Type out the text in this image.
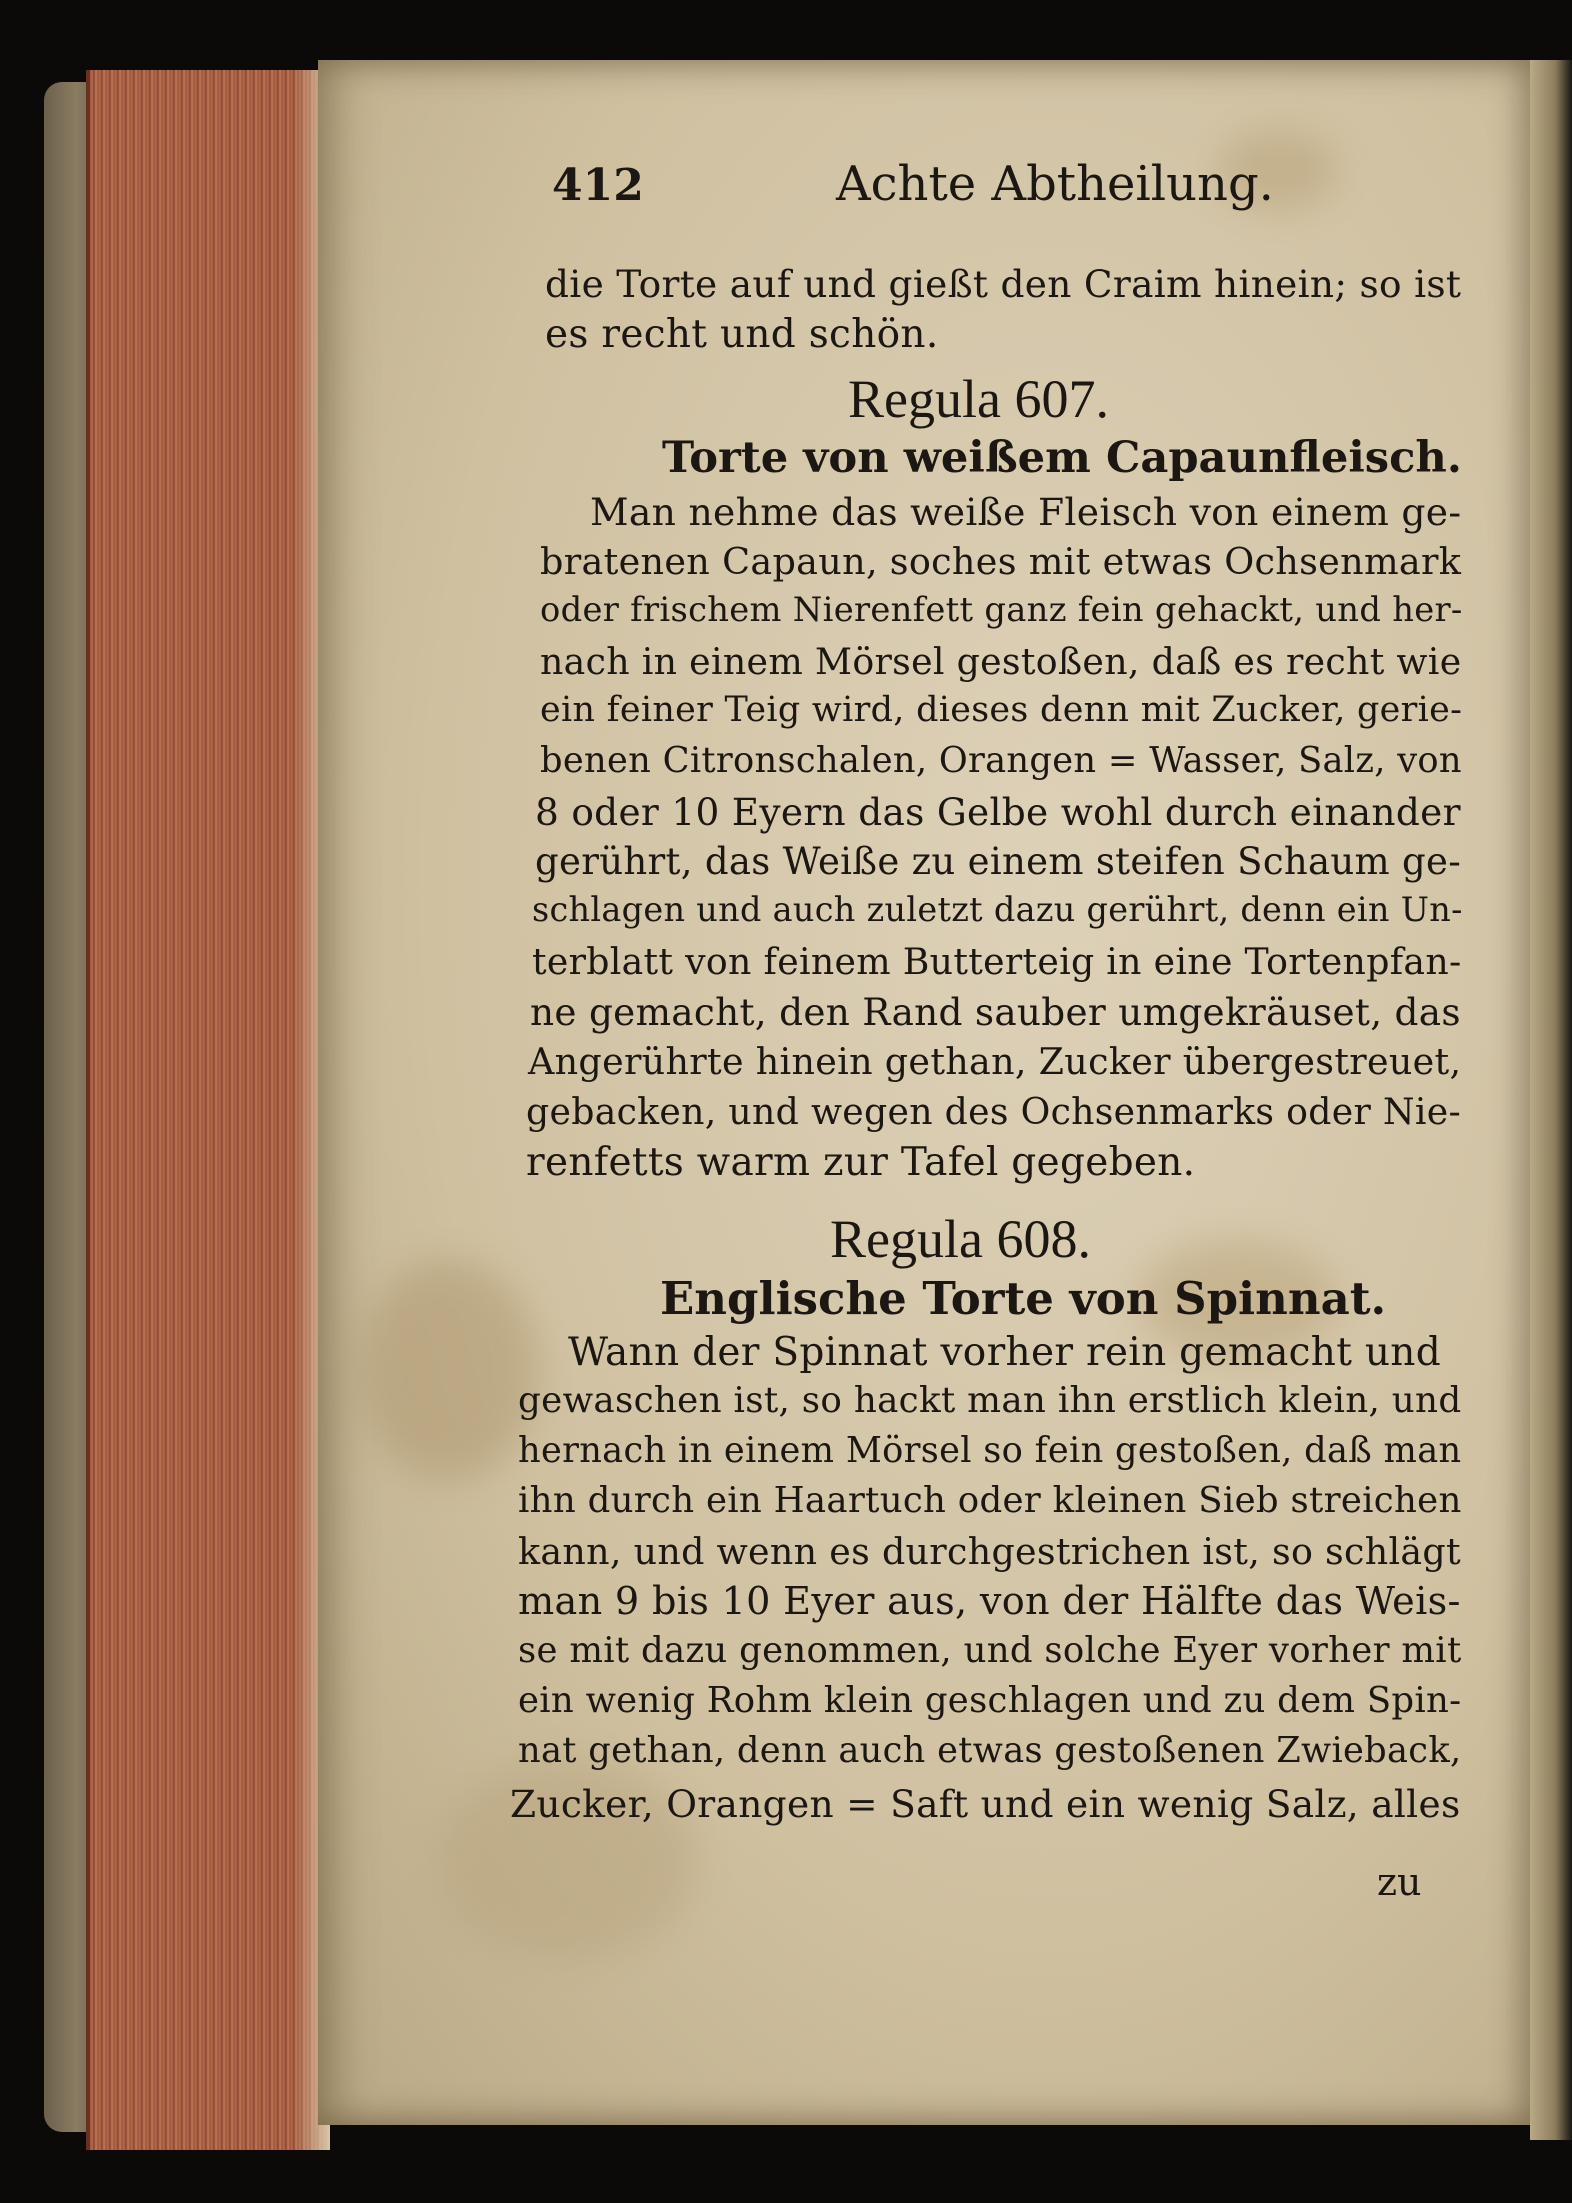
412	Achte Abtheilung.
die Torte auf und gießt den Craim hinein; so ist
es recht und schön.
Regula 607.
Torte von weißem Capaunfleisch.
Man nehme das weiße Fleisch von einem ge-
bratenen Capaun, soches mit etwas Ochsenmark
oder frischem Nierenfett ganz fein gehackt, und her-
nach in einem Mörsel gestoßen, daß es recht wie
ein feiner Teig wird, dieses denn mit Zucker, gerie-
benen Citronschalen, Orangen = Wasser, Salz, von
8 oder 10 Eyern das Gelbe wohl durch einander
gerührt, das Weiße zu einem steifen Schaum ge-
schlagen und auch zuletzt dazu gerührt, denn ein Un-
terblatt von feinem Butterteig in eine Tortenpfan-
ne gemacht, den Rand sauber umgekräuset, das
Angerührte hinein gethan, Zucker übergestreuet,
gebacken, und wegen des Ochsenmarks oder Nie-
renfetts warm zur Tafel gegeben.
Regula 608.
Englische Torte von Spinnat.
Wann der Spinnat vorher rein gemacht und
gewaschen ist, so hackt man ihn erstlich klein, und
hernach in einem Mörsel so fein gestoßen, daß man
ihn durch ein Haartuch oder kleinen Sieb streichen
kann, und wenn es durchgestrichen ist, so schlägt
man 9 bis 10 Eyer aus, von der Hälfte das Weis-
se mit dazu genommen, und solche Eyer vorher mit
ein wenig Rohm klein geschlagen und zu dem Spin-
nat gethan, denn auch etwas gestoßenen Zwieback,
Zucker, Orangen = Saft und ein wenig Salz, alles
zu
